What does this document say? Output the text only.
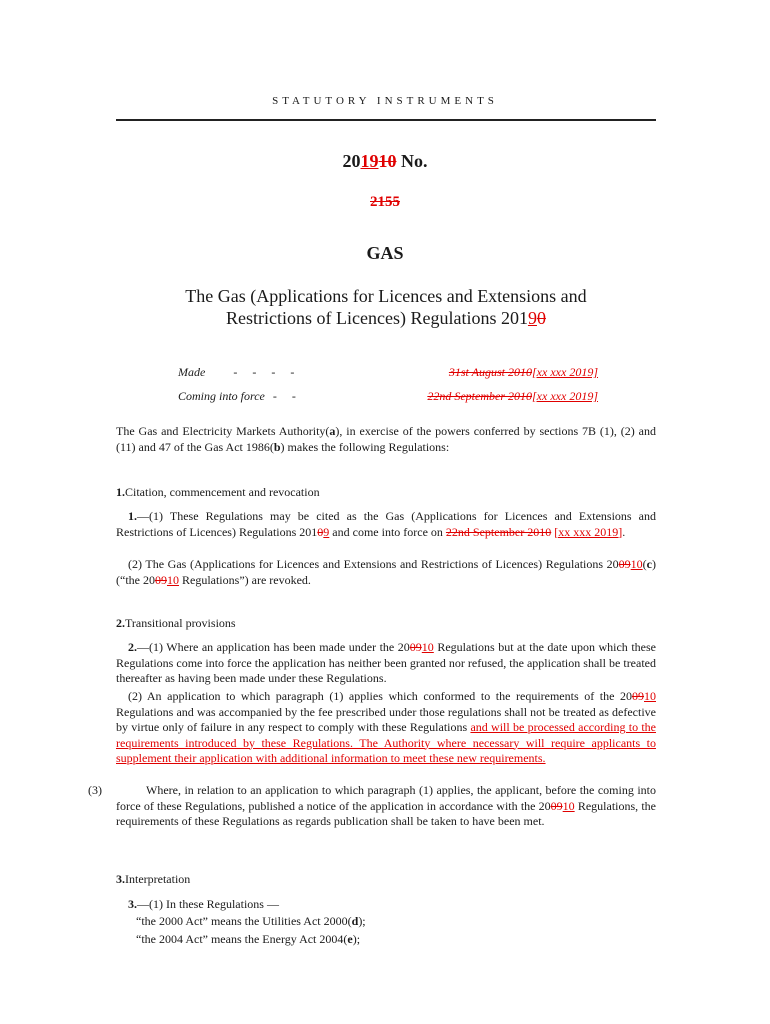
STATUTORY INSTRUMENTS
201910 No.
2155
GAS
The Gas (Applications for Licences and Extensions and
Restrictions of Licences) Regulations 20190
Made -     -     -     -	31st August 2010[xx xxx 2019]
Coming into force -     -	22nd September 2010[xx xxx 2019]

The Gas and Electricity Markets Authority(a), in exercise of the powers conferred by sections 7B (1), (2) and (11) and 47 of the Gas Act 1986(b) makes the following Regulations:

1.Citation, commencement and revocation

1.—(1) These Regulations may be cited as the Gas (Applications for Licences and Extensions and Restrictions of Licences) Regulations 20109 and come into force on 22nd September 2010 [xx xxx 2019].

(2) The Gas (Applications for Licences and Extensions and Restrictions of Licences) Regulations 200910(c) (“the 200910 Regulations”) are revoked.

2.Transitional provisions

2.—(1) Where an application has been made under the 200910 Regulations but at the date upon which these Regulations come into force the application has neither been granted nor refused, the application shall be treated thereafter as having been made under these Regulations.

(2) An application to which paragraph (1) applies which conformed to the requirements of the 200910 Regulations and was accompanied by the fee prescribed under those regulations shall not be treated as defective by virtue only of failure in any respect to comply with these Regulations and will be processed according to the requirements introduced by these Regulations. The Authority where necessary will require applicants to supplement their application with additional information to meet these new requirements.

(3)	Where, in relation to an application to which paragraph (1) applies, the applicant, before the coming into force of these Regulations, published a notice of the application in accordance with the 200910 Regulations, the requirements of these Regulations as regards publication shall be taken to have been met.

3.Interpretation

3.—(1) In these Regulations —

“the 2000 Act” means the Utilities Act 2000(d);
“the 2004 Act” means the Energy Act 2004(e);
